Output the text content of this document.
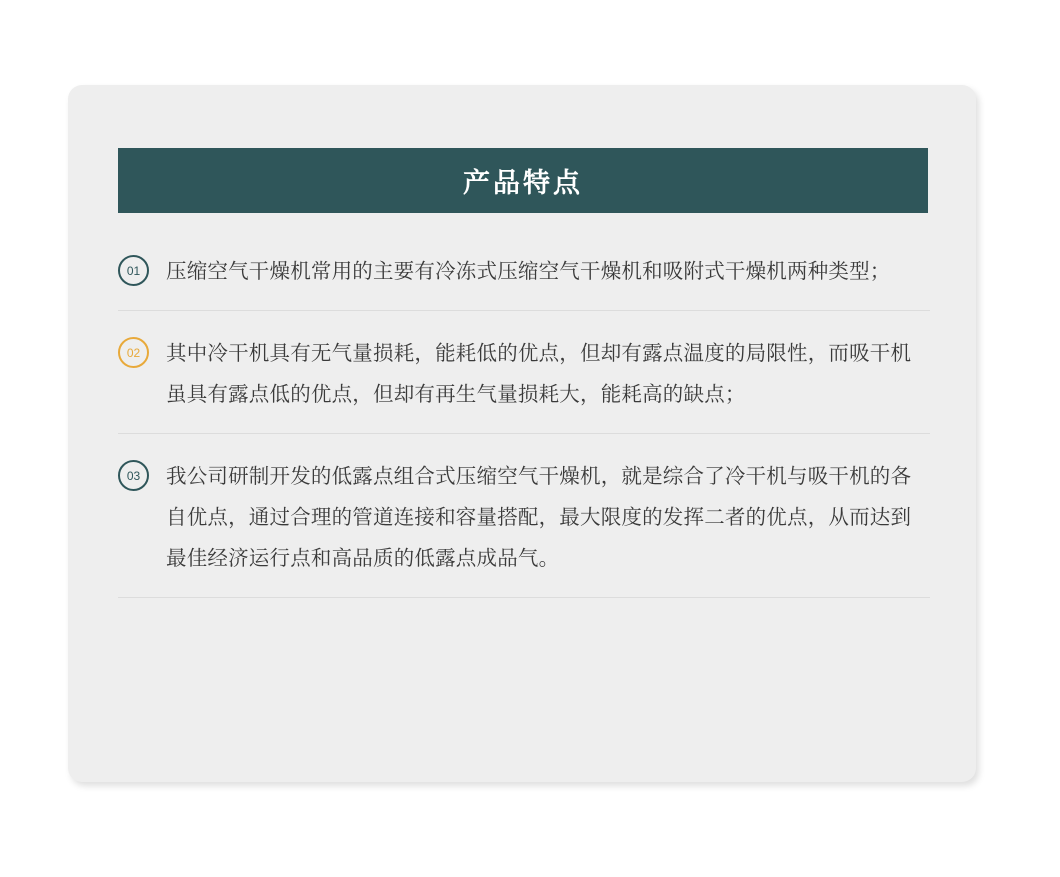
产品特点
01	压缩空气干燥机常用的主要有冷冻式压缩空气干燥机和吸附式干燥机两种类型；
02	其中冷干机具有无气量损耗，能耗低的优点，但却有露点温度的局限性，而吸干机虽具有露点低的优点，但却有再生气量损耗大，能耗高的缺点；
03	我公司研制开发的低露点组合式压缩空气干燥机，就是综合了冷干机与吸干机的各自优点，通过合理的管道连接和容量搭配，最大限度的发挥二者的优点，从而达到最佳经济运行点和高品质的低露点成品气。
